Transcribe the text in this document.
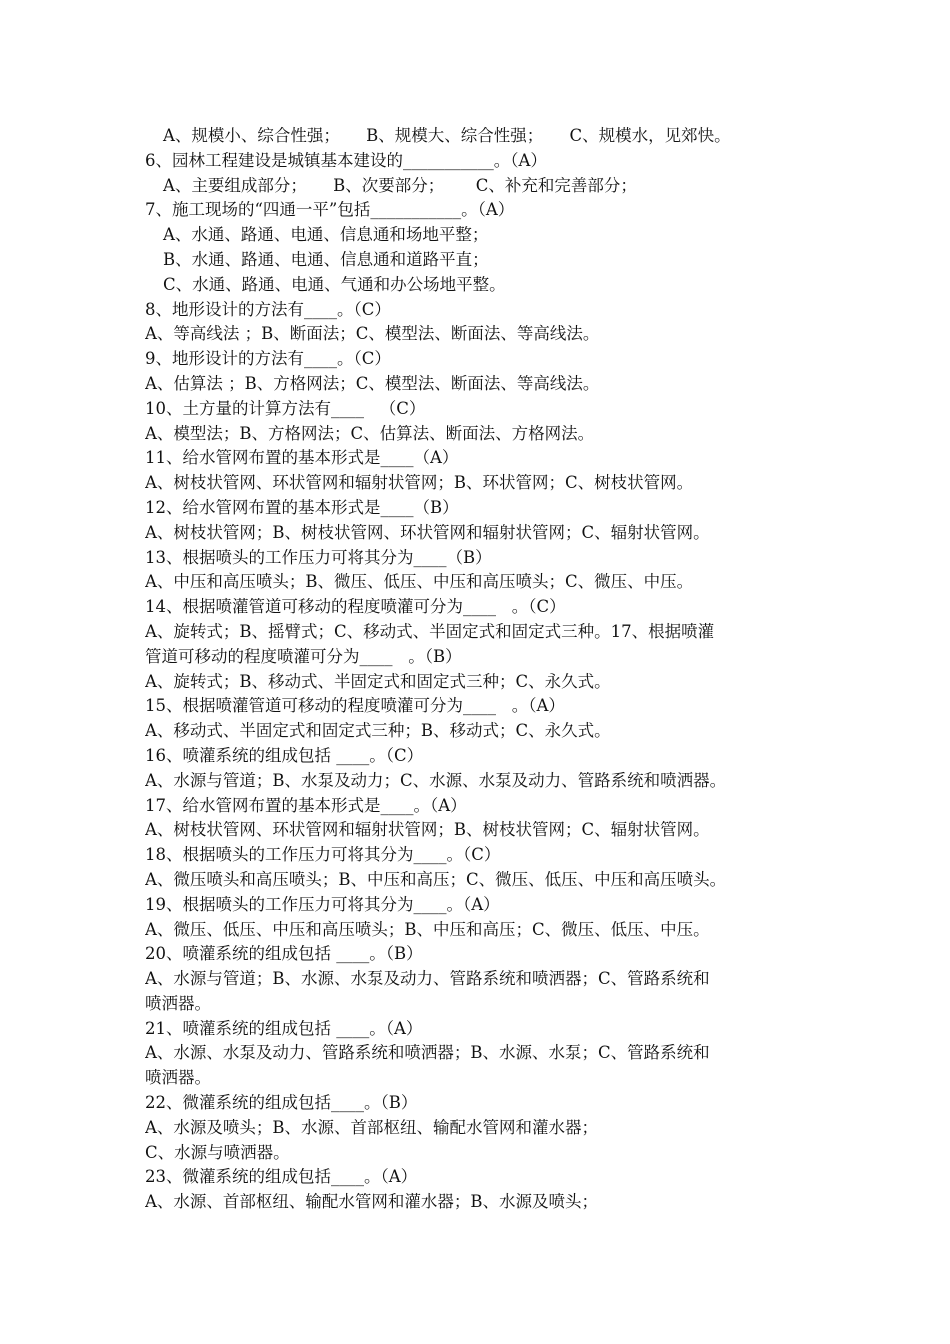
A、规模小、综合性强；     B、规模大、综合性强；     C、规模水，见郊快。
6、园林工程建设是城镇基本建设的___________。（A）
A、主要组成部分；     B、次要部分；      C、补充和完善部分；
7、施工现场的“四通一平”包括___________。（A）
A、水通、路通、电通、信息通和场地平整；
B、水通、路通、电通、信息通和道路平直；
C、水通、路通、电通、气通和办公场地平整。
8、地形设计的方法有____。（C）
A、等高线法 ；B、断面法；C、模型法、断面法、等高线法。
9、地形设计的方法有____。（C）
A、估算法 ；B、方格网法；C、模型法、断面法、等高线法。
10、土方量的计算方法有____   （C）
A、模型法；B、方格网法；C、估算法、断面法、方格网法。
11、给水管网布置的基本形式是____（A）
A、树枝状管网、环状管网和辐射状管网；B、环状管网；C、树枝状管网。
12、给水管网布置的基本形式是____（B）
A、树枝状管网；B、树枝状管网、环状管网和辐射状管网；C、辐射状管网。
13、根据喷头的工作压力可将其分为____（B）
A、中压和高压喷头；B、微压、低压、中压和高压喷头；C、微压、中压。
14、根据喷灌管道可移动的程度喷灌可分为____   。（C）
A、旋转式；B、摇臂式；C、移动式、半固定式和固定式三种。17、根据喷灌
管道可移动的程度喷灌可分为____   。（B）
A、旋转式；B、移动式、半固定式和固定式三种；C、永久式。
15、根据喷灌管道可移动的程度喷灌可分为____   。（A）
A、移动式、半固定式和固定式三种；B、移动式；C、永久式。
16、喷灌系统的组成包括 ____。（C）
A、水源与管道；B、水泵及动力；C、水源、水泵及动力、管路系统和喷洒器。
17、给水管网布置的基本形式是____。（A）
A、树枝状管网、环状管网和辐射状管网；B、树枝状管网；C、辐射状管网。
18、根据喷头的工作压力可将其分为____。（C）
A、微压喷头和高压喷头；B、中压和高压；C、微压、低压、中压和高压喷头。
19、根据喷头的工作压力可将其分为____。（A）
A、微压、低压、中压和高压喷头；B、中压和高压；C、微压、低压、中压。
20、喷灌系统的组成包括 ____。（B）
A、水源与管道；B、水源、水泵及动力、管路系统和喷洒器；C、管路系统和
喷洒器。
21、喷灌系统的组成包括 ____。（A）
A、水源、水泵及动力、管路系统和喷洒器；B、水源、水泵；C、管路系统和
喷洒器。
22、微灌系统的组成包括____。（B）
A、水源及喷头；B、水源、首部枢纽、输配水管网和灌水器；
C、水源与喷洒器。
23、微灌系统的组成包括____。（A）
A、水源、首部枢纽、输配水管网和灌水器；B、水源及喷头；
